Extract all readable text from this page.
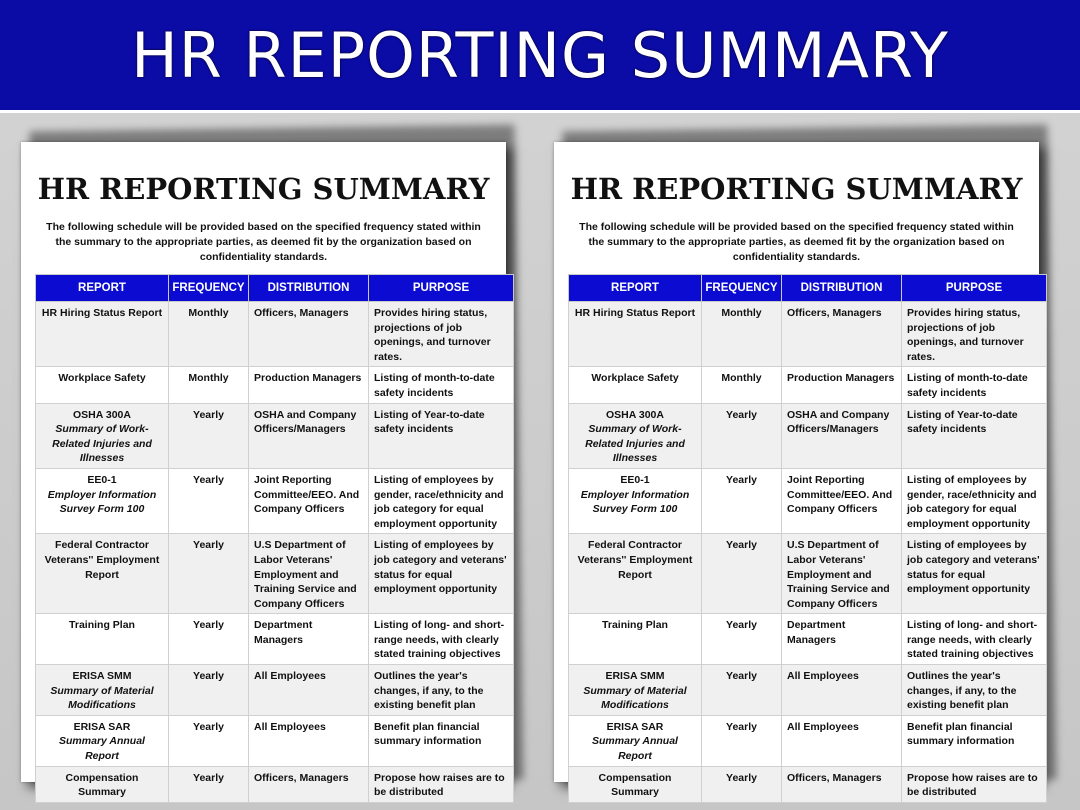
HR REPORTING SUMMARY
HR REPORTING SUMMARY
The following schedule will be provided based on the specified frequency stated within the summary to the appropriate parties, as deemed fit by the organization based on confidentiality standards.
REPORT	FREQUENCY	DISTRIBUTION	PURPOSE

HR Hiring Status Report	Monthly	Officers, Managers	Provides hiring status, projections of job openings, and turnover rates.

Workplace Safety	Monthly	Production Managers	Listing of month-to-date safety incidents

OSHA 300A
Summary of Work-Related Injuries and Illnesses	Yearly	OSHA and Company Officers/Managers	Listing of Year-to-date safety incidents

EE0-1
Employer Information Survey Form 100	Yearly	Joint Reporting Committee/EEO. And Company Officers	Listing of employees by gender, race/ethnicity and job category for equal employment opportunity

Federal Contractor Veterans'' Employment Report	Yearly	U.S Department of Labor Veterans' Employment and Training Service and Company Officers	Listing of employees by job category and veterans' status for equal employment opportunity

Training Plan	Yearly	Department Managers	Listing of long- and short-range needs, with clearly stated training objectives

ERISA SMM
Summary of Material Modifications	Yearly	All Employees	Outlines the year's changes, if any, to the existing benefit plan

ERISA SAR
Summary Annual Report	Yearly	All Employees	Benefit plan financial summary information

Compensation Summary	Yearly	Officers, Managers	Propose how raises are to be distributed
HR REPORTING SUMMARY
The following schedule will be provided based on the specified frequency stated within the summary to the appropriate parties, as deemed fit by the organization based on confidentiality standards.
REPORT	FREQUENCY	DISTRIBUTION	PURPOSE

HR Hiring Status Report	Monthly	Officers, Managers	Provides hiring status, projections of job openings, and turnover rates.

Workplace Safety	Monthly	Production Managers	Listing of month-to-date safety incidents

OSHA 300A
Summary of Work-Related Injuries and Illnesses	Yearly	OSHA and Company Officers/Managers	Listing of Year-to-date safety incidents

EE0-1
Employer Information Survey Form 100	Yearly	Joint Reporting Committee/EEO. And Company Officers	Listing of employees by gender, race/ethnicity and job category for equal employment opportunity

Federal Contractor Veterans'' Employment Report	Yearly	U.S Department of Labor Veterans' Employment and Training Service and Company Officers	Listing of employees by job category and veterans' status for equal employment opportunity

Training Plan	Yearly	Department Managers	Listing of long- and short-range needs, with clearly stated training objectives

ERISA SMM
Summary of Material Modifications	Yearly	All Employees	Outlines the year's changes, if any, to the existing benefit plan

ERISA SAR
Summary Annual Report	Yearly	All Employees	Benefit plan financial summary information

Compensation Summary	Yearly	Officers, Managers	Propose how raises are to be distributed
